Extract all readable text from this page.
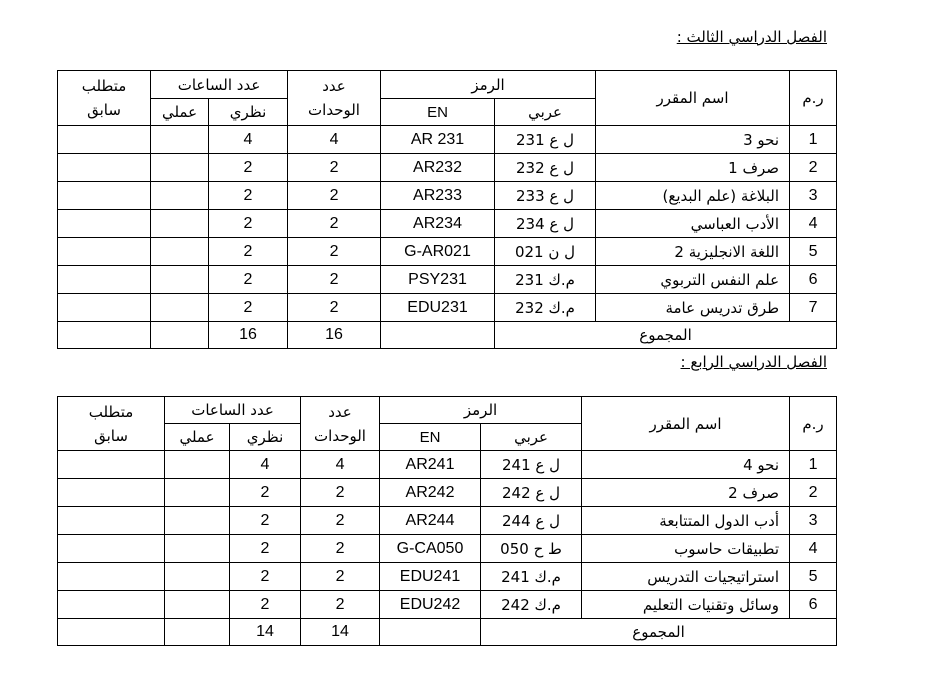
الفصل الدراسي الثالث :
متطلب
سابق	عدد الساعات		عدد
الوحدات	الرمز		اسم المقرر	ر.م
	عملي	نظري		EN	عربي		
		4	4	AR 231	ل ع 231	نحو 3	1
		2	2	AR232	ل ع 232	صرف 1	2
		2	2	AR233	ل ع 233	البلاغة (علم البديع)	3
		2	2	AR234	ل ع 234	الأدب العباسي	4
		2	2	G-AR021	ل ن 021	اللغة الانجليزية 2	5
		2	2	PSY231	م.ك 231	علم النفس التربوي	6
		2	2	EDU231	م.ك 232	طرق تدريس عامة	7
		16	16		المجموع		
الفصل الدراسي الرابع :
متطلب
سابق	عدد الساعات		عدد
الوحدات	الرمز		اسم المقرر	ر.م
	عملي	نظري		EN	عربي		
		4	4	AR241	ل ع 241	نحو 4	1
		2	2	AR242	ل ع 242	صرف 2	2
		2	2	AR244	ل ع 244	أدب الدول المتتابعة	3
		2	2	G-CA050	ط ح 050	تطبيقات حاسوب	4
		2	2	EDU241	م.ك 241	استراتيجيات التدريس	5
		2	2	EDU242	م.ك 242	وسائل وتقنيات التعليم	6
		14	14		المجموع		
